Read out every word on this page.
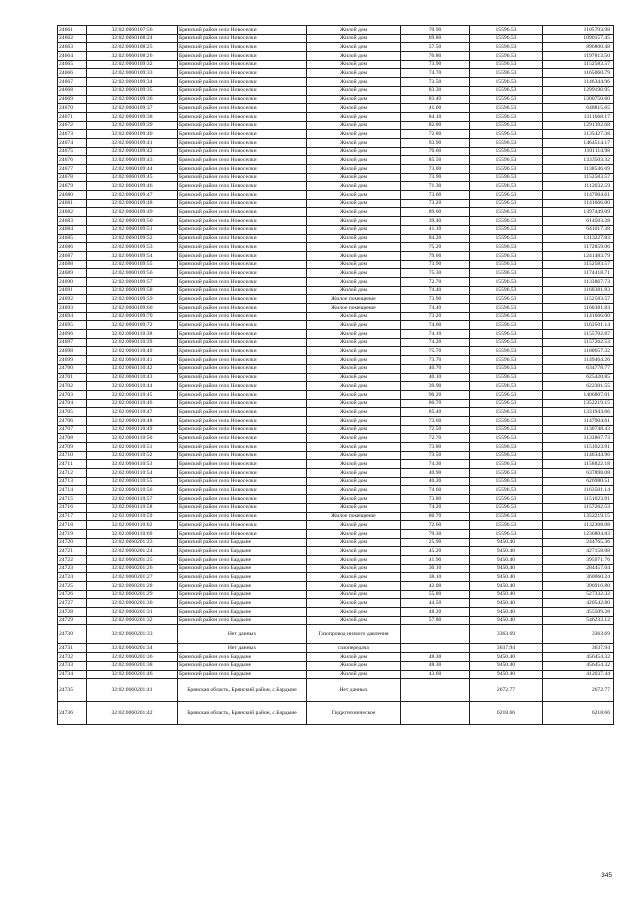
24661	32:02:0060107:56	Брянский район село Новоселки	Жилой дом	70.90	15596.53	1105793.98
24662	32:02:0060108:24	Брянский район село Новоселки	Жилой дом	69.80	15596.53	1090157.45
24663	32:02:0060108:25	Брянский район село Новоселки	Жилой дом	57.50	15596.53	896800.48
24664	32:02:0060108:26	Брянский район село Новоселки	Жилой дом	76.80	15596.53	1197813.50
24665	32:02:0060109:32	Брянский район село Новоселки	Жилой дом	73.90	15596.53	1152583.57
24666	32:02:0060109:33	Брянский район село Новоселки	Жилой дом	74.70	15596.53	1165060.79
24667	32:02:0060109:34	Брянский район село Новоселки	Жилой дом	73.50	15596.53	1146344.96
24668	32:02:0060109:35	Брянский район село Новоселки	Жилой дом	83.30	15596.53	1299190.95
24669	32:02:0060109:36	Брянский район село Новоселки	Жилой дом	83.40	15596.53	1300750.60
24670	32:02:0060109:37	Брянский район село Новоселки	Жилой дом	41.60	15596.53	648815.65
24671	32:02:0060109:38	Брянский район село Новоселки	Жилой дом	84.10	15596.53	1311668.17
24672	32:02:0060109:39	Брянский район село Новоселки	Жилой дом	82.80	15596.53	1291392.68
24673	32:02:0060109:40	Брянский район село Новоселки	Жилой дом	72.80	15596.53	1135427.38
24674	32:02:0060109:41	Брянский район село Новоселки	Жилой дом	93.90	15596.53	1464514.17
24675	32:02:0060109:42	Брянский район село Новоселки	Жилой дом	70.60	15596.53	1101114.98
24676	32:02:0060109:43	Брянский район село Новоселки	Жилой дом	85.50	15596.53	1333503.32
24677	32:02:0060109:44	Брянский район село Новоселки	Жилой дом	73.00	15596.53	1138546.69
24678	32:02:0060109:45	Брянский район село Новоселки	Жилой дом	73.90	15596.53	1152583.57
24679	32:02:0060109:46	Брянский район село Новоселки	Жилой дом	71.30	15596.53	1112032.59
24680	32:02:0060109:47	Брянский район село Новоселки	Жилой дом	73.60	15596.53	1147904.61
24681	32:02:0060109:48	Брянский район село Новоселки	Жилой дом	73.20	15596.53	1141666.00
24682	32:02:0060109:49	Брянский район село Новоселки	Жилой дом	89.60	15596.53	1397449.09
24683	32:02:0060109:50	Брянский район село Новоселки	Жилой дом	39.40	15596.53	614503.28
24684	32:02:0060109:51	Брянский район село Новоселки	Жилой дом	41.10	15596.53	641017.38
24685	32:02:0060109:52	Брянский район село Новоселки	Жилой дом	84.20	15596.53	1313227.83
24686	32:02:0060109:53	Брянский район село Новоселки	Жилой дом	75.20	15596.53	1172859.06
24687	32:02:0060109:54	Брянский район село Новоселки	Жилой дом	79.60	15596.53	1241483.79
24688	32:02:0060109:55	Брянский район село Новоселки	Жилой дом	73.90	15596.53	1152583.57
24689	32:02:0060109:56	Брянский район село Новоселки	Жилой дом	75.30	15596.53	1174418.71
24690	32:02:0060109:57	Брянский район село Новоселки	Жилой дом	72.70	15596.53	1133867.73
24691	32:02:0060109:58	Брянский район село Новоселки	Жилой дом	74.40	15596.53	1160381.83
24692	32:02:0060109:59	Брянский район село Новоселки	Жилое помещение	73.90	15596.53	1152583.57
24693	32:02:0060109:60	Брянский район село Новоселки	Жилое помещение	74.40	15596.53	1160381.83
24694	32:02:0060109:70	Брянский район село Новоселки	Жилой дом	73.20	15596.53	1141666.00
24695	32:02:0060109:72	Брянский район село Новоселки	Жилой дом	74.60	15596.53	1163501.14
24696	32:02:0060110:38	Брянский район село Новоселки	Жилой дом	74.10	15596.53	1155702.87
24697	32:02:0060110:39	Брянский район село Новоселки	Жилой дом	74.20	15596.53	1157262.53
24698	32:02:0060110:40	Брянский район село Новоселки	Жилой дом	75.70	15596.53	1180657.32
24699	32:02:0060110:41	Брянский район село Новоселки	Жилой дом	73.70	15596.53	1149464.26
24700	32:02:0060110:42	Брянский район село Новоселки	Жилой дом	40.70	15596.53	634778.77
24701	32:02:0060110:43	Брянский район село Новоселки	Жилой дом	40.10	15596.53	625420.85
24702	32:02:0060110:44	Брянский район село Новоселки	Жилой дом	39.90	15596.53	622301.55
24703	32:02:0060110:45	Брянский район село Новоселки	Жилой дом	90.20	15596.53	1406807.01
24704	32:02:0060110:46	Брянский район село Новоселки	Жилой дом	86.70	15596.53	1352219.15
24705	32:02:0060110:47	Брянский район село Новоселки	Жилой дом	85.40	15596.53	1331943.66
24706	32:02:0060110:48	Брянский район село Новоселки	Жилой дом	73.60	15596.53	1147904.61
24707	32:02:0060110:49	Брянский район село Новоселки	Жилой дом	72.50	15596.53	1130748.43
24708	32:02:0060110:50	Брянский район село Новоселки	Жилой дом	72.70	15596.53	1133867.73
24709	32:02:0060110:51	Брянский район село Новоселки	Жилой дом	73.80	15596.53	1151023.91
24710	32:02:0060110:52	Брянский район село Новоселки	Жилой дом	73.50	15596.53	1146344.96
24711	32:02:0060110:53	Брянский район село Новоселки	Жилой дом	74.30	15596.53	1158822.18
24712	32:02:0060110:54	Брянский район село Новоселки	Жилой дом	40.90	15596.53	637898.08
24713	32:02:0060110:55	Брянский район село Новоселки	Жилой дом	40.20	15596.53	626980.51
24714	32:02:0060110:56	Брянский район село Новоселки	Жилой дом	74.60	15596.53	1163501.14
24715	32:02:0060110:57	Брянский район село Новоселки	Жилой дом	73.80	15596.53	1151023.91
24716	32:02:0060110:58	Брянский район село Новоселки	Жилой дом	74.20	15596.53	1157262.53
24717	32:02:0060110:59	Брянский район село Новоселки	Жилое помещение	86.70	15596.53	1352219.15
24718	32:02:0060110:62	Брянский район село Новоселки	Жилой дом	72.60	15596.53	1132308.08
24719	32:02:0060110:69	Брянский район село Новоселки	Жилой дом	79.30	15596.53	1236804.83
24720	32:02:0060201:23	Брянский район село Бардыне	Жилой дом	25.90	9450.40	244765.36
24721	32:02:0060201:24	Брянский район село Бардыне	Жилой дом	45.20	9450.40	427158.08
24722	32:02:0060201:25	Брянский район село Бардыне	Жилой дом	41.90	9450.40	395971.76
24723	32:02:0060201:26	Брянский район село Бардыне	Жилой дом	30.10	9450.40	284457.04
24724	32:02:0060201:27	Брянский район село Бардыне	Жилой дом	38.10	9450.40	360060.24
24725	32:02:0060201:28	Брянский район село Бардыне	Жилой дом	42.00	9450.40	396916.80
24726	32:02:0060201:29	Брянский район село Бардыне	Жилой дом	55.80	9450.40	527332.32
24727	32:02:0060201:30	Брянский район село Бардыне	Жилой дом	44.50	9450.40	420542.80
24728	32:02:0060201:31	Брянский район село Бардыне	Жилой дом	48.20	9450.40	455509.28
24729	32:02:0060201:32	Брянский район село Бардыне	Жилой дом	57.80	9450.40	546233.12
24730	32:02:0060201:33	Нет данных	Газопровод низкого давления		3363.69	3363.69
24731	32:02:0060201:34	Нет данных	газопередача		3637.94	3637.94
24732	32:02:0060201:36	Брянский район село Бардыне	Жилой дом	48.30	9450.40	456454.32
24733	32:02:0060201:38	Брянский район село Бардыне	Жилой дом	48.30	9450.40	456454.32
24734	32:02:0060201:46	Брянский район село Бардыне	Жилой дом	43.60	9450.40	412037.44
24735	32:02:0060201:41	Брянская область, Брянский район, с.Бардыне	Нет данных		2672.77	2672.77
24736	32:02:0060201:42	Брянская область, Брянский район, с.Бардыне	Гидротехническое		6218.66	6218.66
345
